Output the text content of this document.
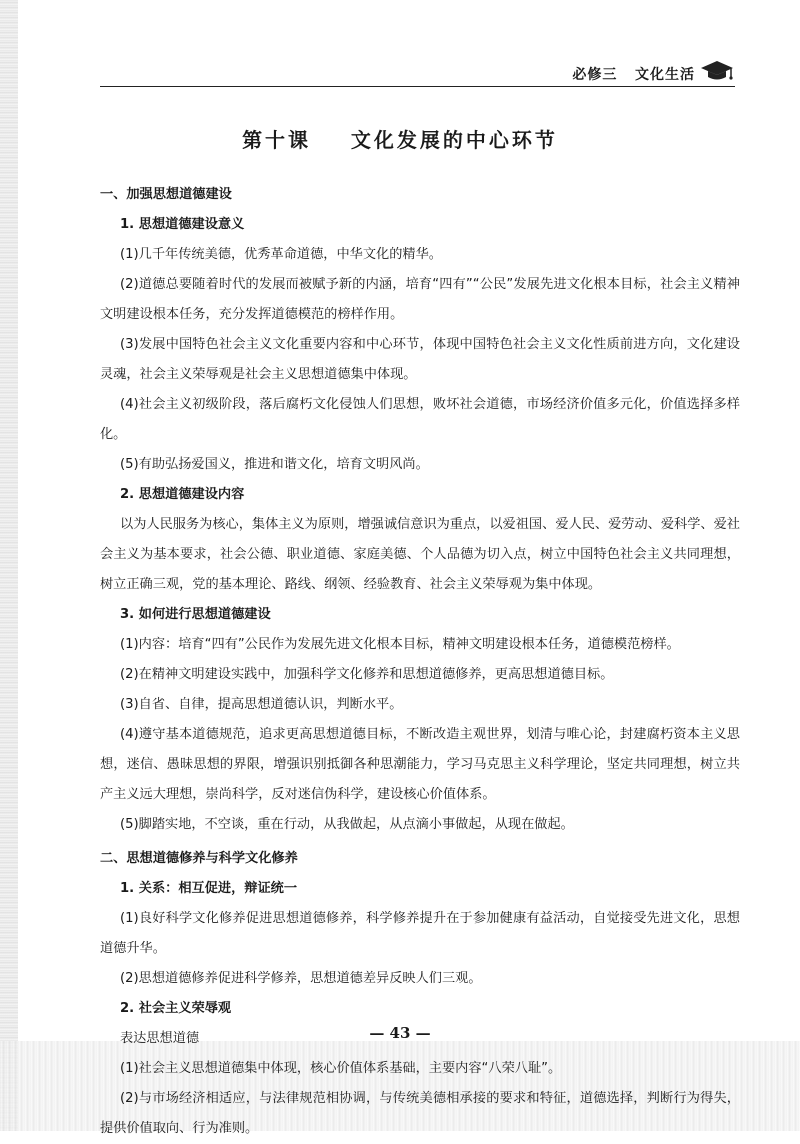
必修三   文化生活
第十课    文化发展的中心环节

一、加强思想道德建设

1. 思想道德建设意义

(1)几千年传统美德，优秀革命道德，中华文化的精华。

(2)道德总要随着时代的发展而被赋予新的内涵，培育“四有”“公民”发展先进文化根本目标，社会主义精神文明建设根本任务，充分发挥道德模范的榜样作用。

(3)发展中国特色社会主义文化重要内容和中心环节，体现中国特色社会主义文化性质前进方向，文化建设灵魂，社会主义荣辱观是社会主义思想道德集中体现。

(4)社会主义初级阶段，落后腐朽文化侵蚀人们思想，败坏社会道德，市场经济价值多元化，价值选择多样化。

(5)有助弘扬爱国义，推进和谐文化，培育文明风尚。

2. 思想道德建设内容

以为人民服务为核心，集体主义为原则，增强诚信意识为重点，以爱祖国、爱人民、爱劳动、爱科学、爱社会主义为基本要求，社会公德、职业道德、家庭美德、个人品德为切入点，树立中国特色社会主义共同理想，树立正确三观，党的基本理论、路线、纲领、经验教育、社会主义荣辱观为集中体现。

3. 如何进行思想道德建设

(1)内容：培育“四有”公民作为发展先进文化根本目标，精神文明建设根本任务，道德模范榜样。

(2)在精神文明建设实践中，加强科学文化修养和思想道德修养，更高思想道德目标。

(3)自省、自律，提高思想道德认识，判断水平。

(4)遵守基本道德规范，追求更高思想道德目标，不断改造主观世界，划清与唯心论，封建腐朽资本主义思想，迷信、愚昧思想的界限，增强识别抵御各种思潮能力，学习马克思主义科学理论，坚定共同理想，树立共产主义远大理想，崇尚科学，反对迷信伪科学，建设核心价值体系。

(5)脚踏实地，不空谈，重在行动，从我做起，从点滴小事做起，从现在做起。

二、思想道德修养与科学文化修养

1. 关系：相互促进，辩证统一

(1)良好科学文化修养促进思想道德修养，科学修养提升在于参加健康有益活动，自觉接受先进文化，思想道德升华。

(2)思想道德修养促进科学修养，思想道德差异反映人们三观。

2. 社会主义荣辱观

表达思想道德

(1)社会主义思想道德集中体现，核心价值体系基础，主要内容“八荣八耻”。

(2)与市场经济相适应，与法律规范相协调，与传统美德相承接的要求和特征，道德选择，判断行为得失，提供价值取向、行为准则。

— 43 —
